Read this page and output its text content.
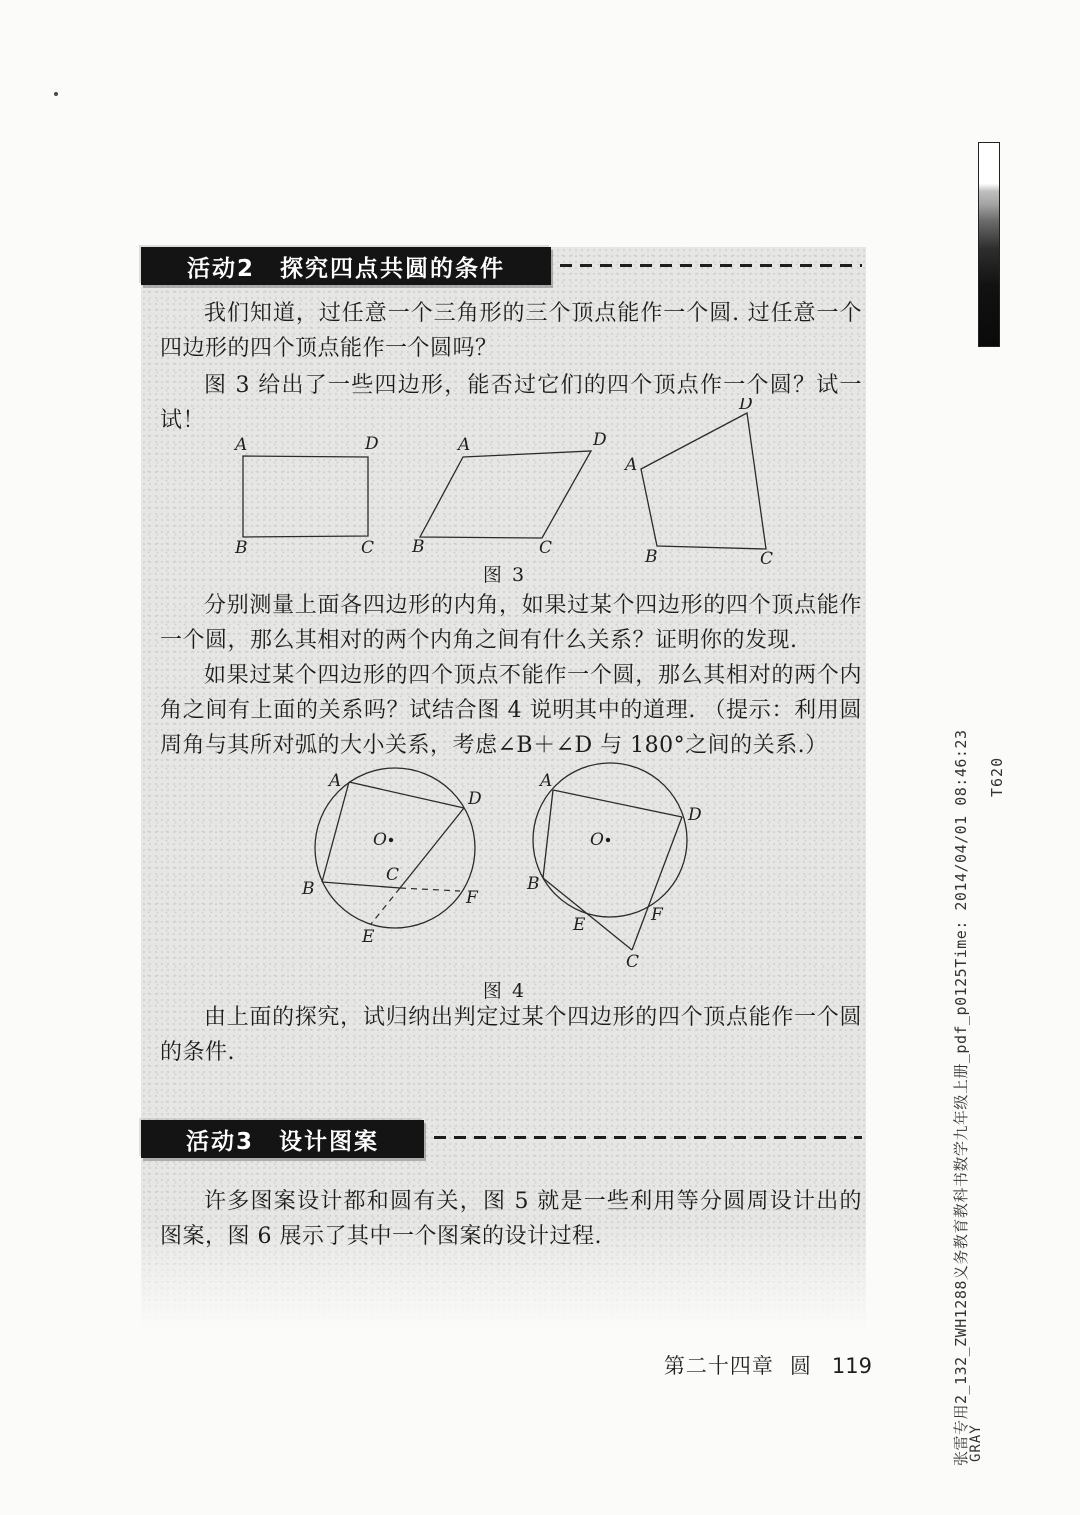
活动2　探究四点共圆的条件

我们知道，过任意一个三角形的三个顶点能作一个圆. 过任意一个四边形的四个顶点能作一个圆吗？

图 3 给出了一些四边形，能否过它们的四个顶点作一个圆？试一试！

A	D
B	C
A	D
B	C
D
A
B	C

图 3

分别测量上面各四边形的内角，如果过某个四边形的四个顶点能作一个圆，那么其相对的两个内角之间有什么关系？证明你的发现.

如果过某个四边形的四个顶点不能作一个圆，那么其相对的两个内角之间有上面的关系吗？试结合图 4 说明其中的道理. （提示：利用圆周角与其所对弧的大小关系，考虑∠B＋∠D 与 180°之间的关系.）

A
D
B
C
E
F
O
A
D
B
C
E	F
O

图 4

由上面的探究，试归纳出判定过某个四边形的四个顶点能作一个圆的条件.

活动3　设计图案

许多图案设计都和圆有关，图 5 就是一些利用等分圆周设计出的图案，图 6 展示了其中一个图案的设计过程.

第二十四章 圆 119	张雷专用2_132_ZWH1288义务教育教科书数学九年级上册_pdf_p0125Time: 2014/04/01 08:46:23
GRAY
T620
